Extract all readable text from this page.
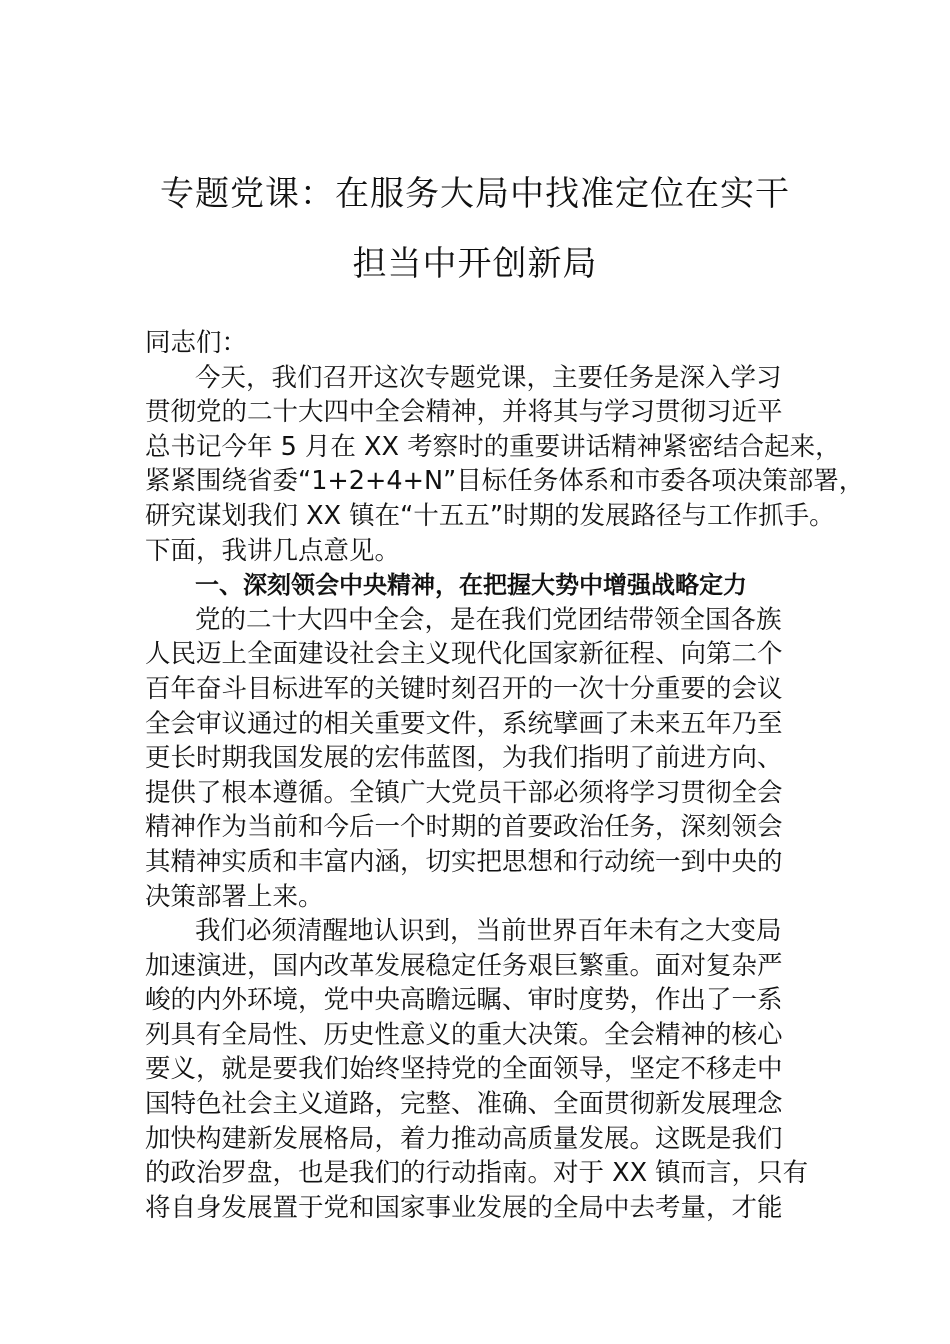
专题党课：在服务大局中找准定位在实干
担当中开创新局
同志们：
今天，我们召开这次专题党课，主要任务是深入学习
贯彻党的二十大四中全会精神，并将其与学习贯彻习近平
总书记今年 5 月在 XX 考察时的重要讲话精神紧密结合起来，
紧紧围绕省委“1+2+4+N”目标任务体系和市委各项决策部署，
研究谋划我们 XX 镇在“十五五”时期的发展路径与工作抓手。
下面，我讲几点意见。
一、深刻领会中央精神，在把握大势中增强战略定力
党的二十大四中全会，是在我们党团结带领全国各族
人民迈上全面建设社会主义现代化国家新征程、向第二个
百年奋斗目标进军的关键时刻召开的一次十分重要的会议
全会审议通过的相关重要文件，系统擘画了未来五年乃至
更长时期我国发展的宏伟蓝图，为我们指明了前进方向、
提供了根本遵循。全镇广大党员干部必须将学习贯彻全会
精神作为当前和今后一个时期的首要政治任务，深刻领会
其精神实质和丰富内涵，切实把思想和行动统一到中央的
决策部署上来。
我们必须清醒地认识到，当前世界百年未有之大变局
加速演进，国内改革发展稳定任务艰巨繁重。面对复杂严
峻的内外环境，党中央高瞻远瞩、审时度势，作出了一系
列具有全局性、历史性意义的重大决策。全会精神的核心
要义，就是要我们始终坚持党的全面领导，坚定不移走中
国特色社会主义道路，完整、准确、全面贯彻新发展理念
加快构建新发展格局，着力推动高质量发展。这既是我们
的政治罗盘，也是我们的行动指南。对于 XX 镇而言，只有
将自身发展置于党和国家事业发展的全局中去考量，才能
